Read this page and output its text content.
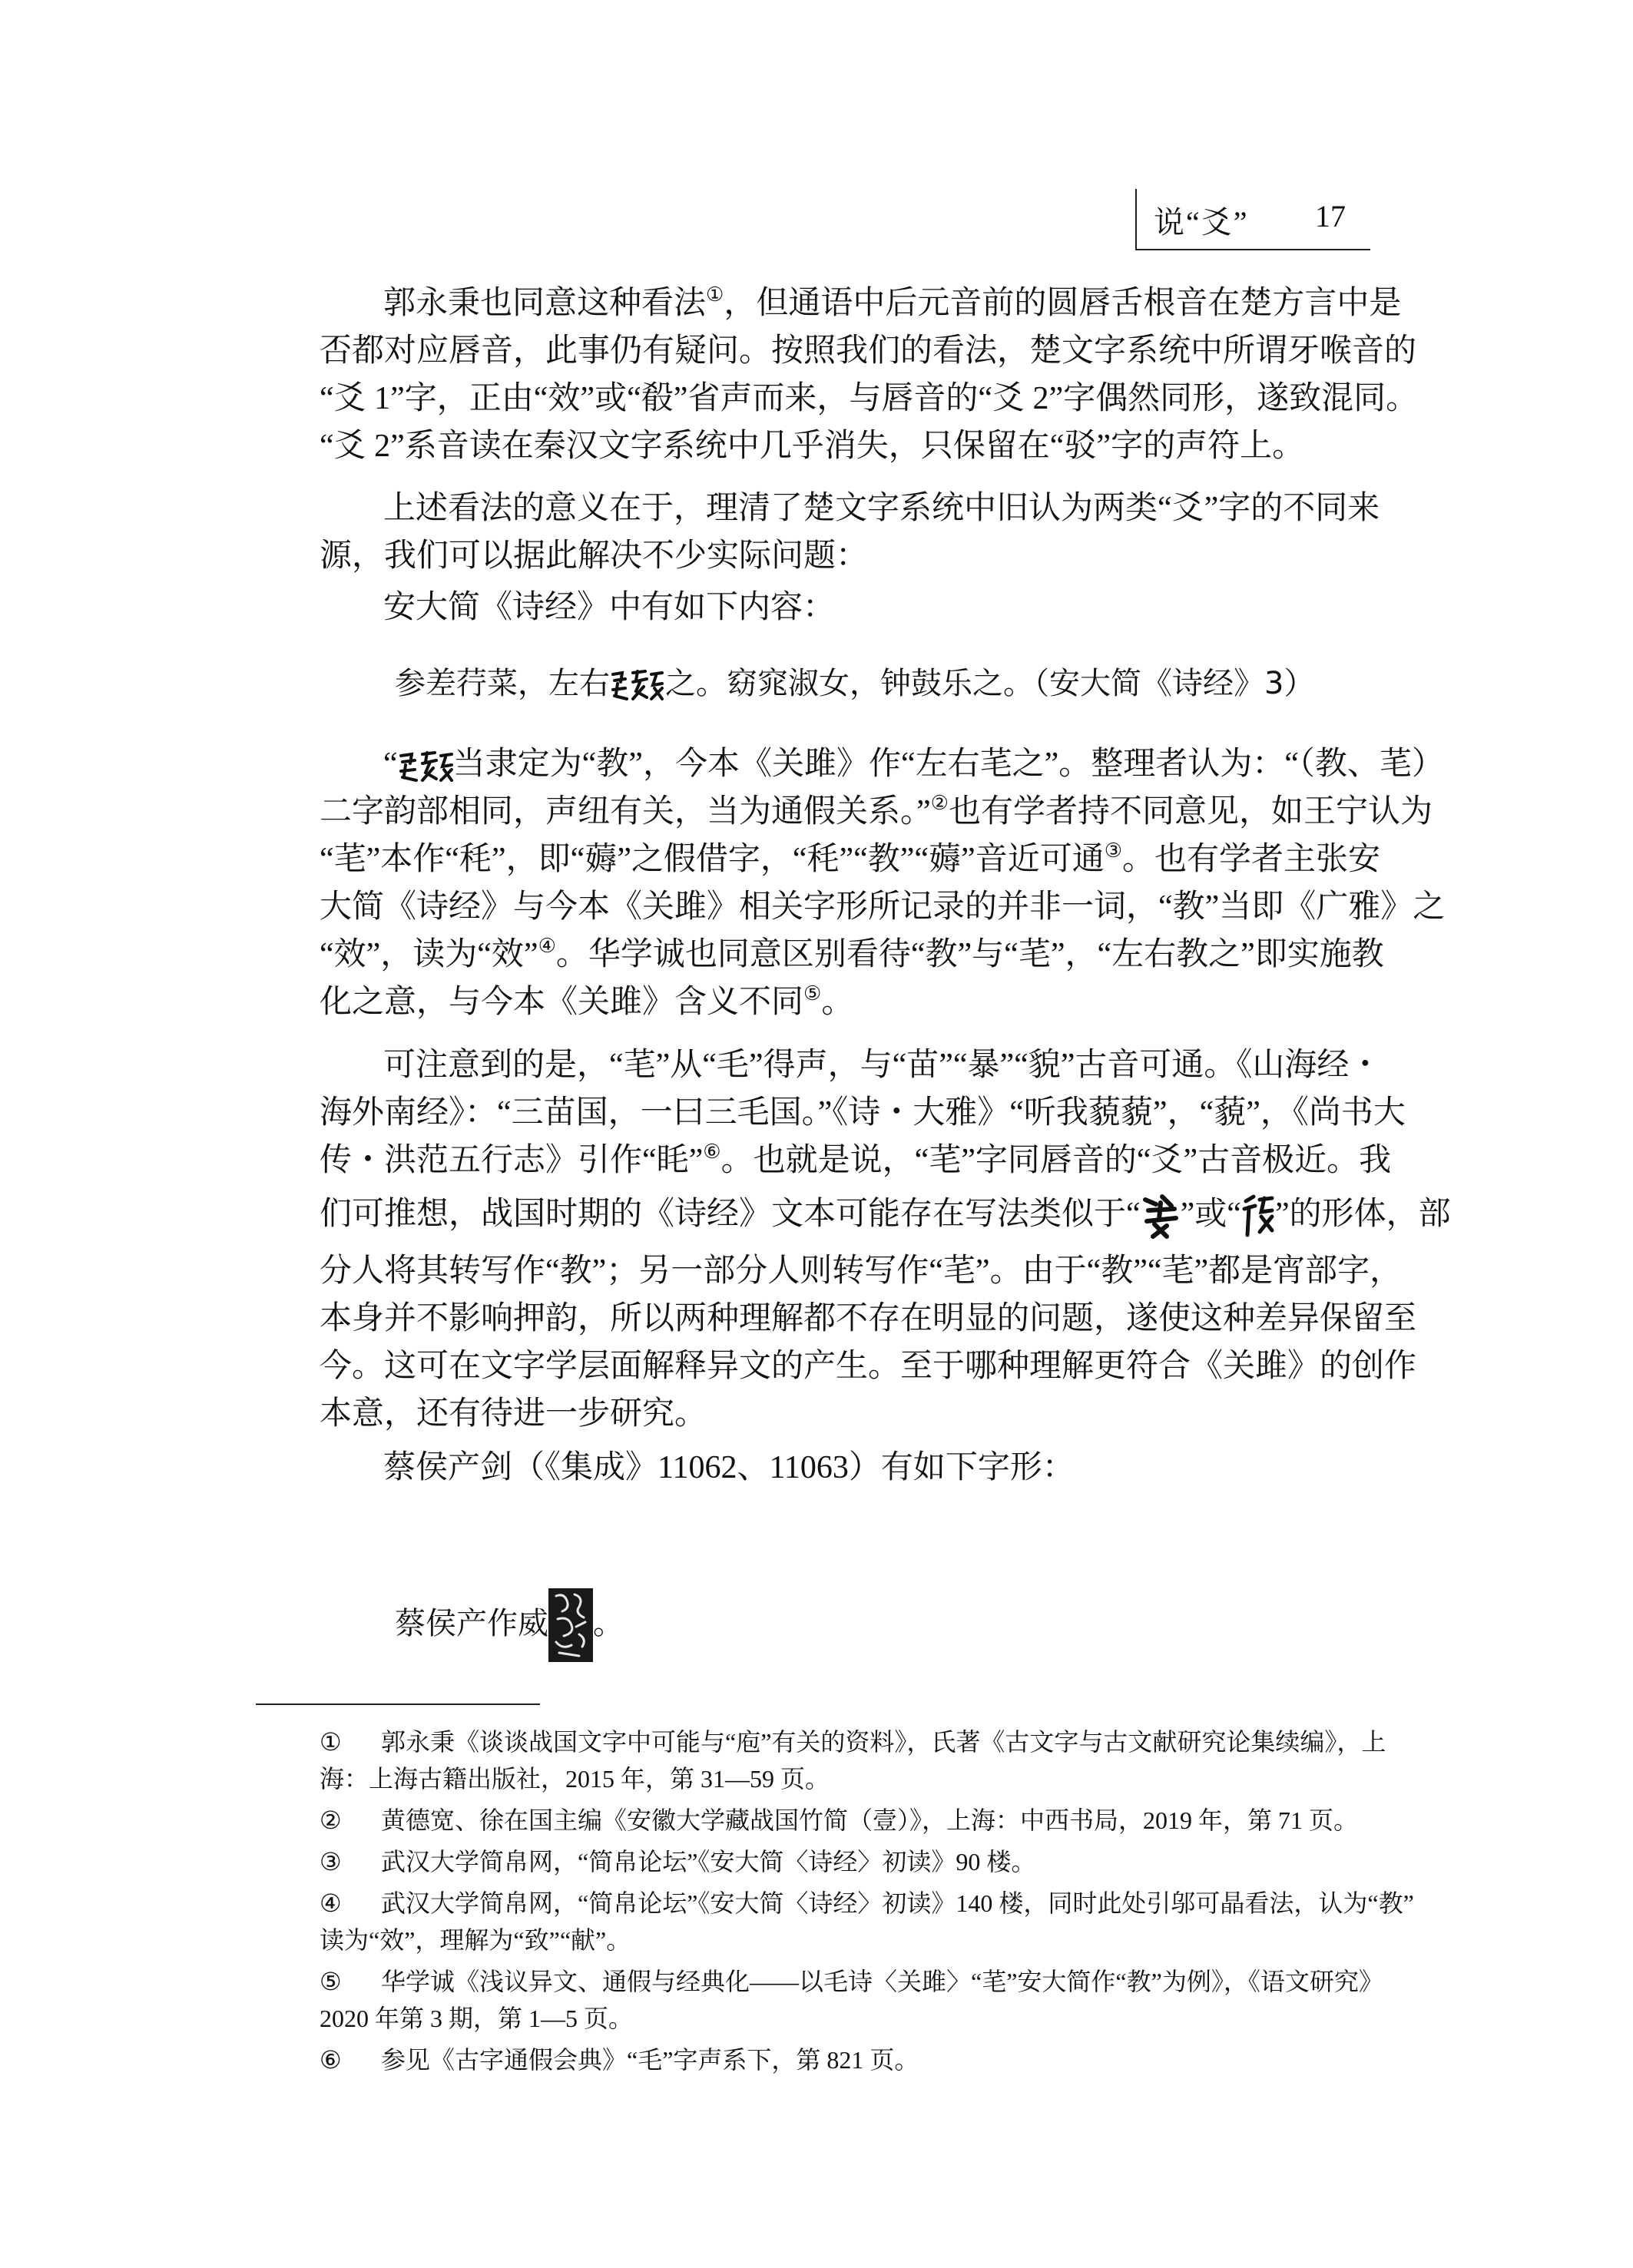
说“爻” 17
郭永秉也同意这种看法①，但通语中后元音前的圆唇舌根音在楚方言中是
否都对应唇音，此事仍有疑问。按照我们的看法，楚文字系统中所谓牙喉音的
“爻 1”字，正由“效”或“殽”省声而来，与唇音的“爻 2”字偶然同形，遂致混同。
“爻 2”系音读在秦汉文字系统中几乎消失，只保留在“驳”字的声符上。
上述看法的意义在于，理清了楚文字系统中旧认为两类“爻”字的不同来
源，我们可以据此解决不少实际问题：
安大简《诗经》中有如下内容：
参差荇菜，左右 之。窈窕淑女，钟鼓乐之。（安大简《诗经》3）
“ 当隶定为“教”，今本《关雎》作“左右芼之”。整理者认为：“（教、芼）
二字韵部相同，声纽有关，当为通假关系。”②也有学者持不同意见，如王宁认为
“芼”本作“秏”，即“薅”之假借字，“秏”“教”“薅”音近可通③。也有学者主张安
大简《诗经》与今本《关雎》相关字形所记录的并非一词，“教”当即《广雅》之
“效”，读为“效”④。华学诚也同意区别看待“教”与“芼”，“左右教之”即实施教
化之意，与今本《关雎》含义不同⑤。
可注意到的是，“芼”从“毛”得声，与“苗”“暴”“貌”古音可通。《山海经・
海外南经》：“三苗国，一曰三毛国。”《诗・大雅》“听我藐藐”，“藐”，《尚书大
传・洪范五行志》引作“眊”⑥。也就是说，“芼”字同唇音的“爻”古音极近。我
们可推想，战国时期的《诗经》文本可能存在写法类似于“ ”或“ ”的形体，部
分人将其转写作“教”；另一部分人则转写作“芼”。由于“教”“芼”都是宵部字，
本身并不影响押韵，所以两种理解都不存在明显的问题，遂使这种差异保留至
今。这可在文字学层面解释异文的产生。至于哪种理解更符合《关雎》的创作
本意，还有待进一步研究。
蔡侯产剑（《集成》11062、11063）有如下字形：
蔡侯产作威 。
① 郭永秉《谈谈战国文字中可能与“庖”有关的资料》，氏著《古文字与古文献研究论集续编》，上
海：上海古籍出版社，2015 年，第 31—59 页。
② 黄德宽、徐在国主编《安徽大学藏战国竹简（壹）》，上海：中西书局，2019 年，第 71 页。
③ 武汉大学简帛网，“简帛论坛”《安大简〈诗经〉初读》90 楼。
④ 武汉大学简帛网，“简帛论坛”《安大简〈诗经〉初读》140 楼，同时此处引邬可晶看法，认为“教”
读为“效”，理解为“致”“献”。
⑤ 华学诚《浅议异文、通假与经典化——以毛诗〈关雎〉“芼”安大简作“教”为例》，《语文研究》
2020 年第 3 期，第 1—5 页。
⑥ 参见《古字通假会典》“毛”字声系下，第 821 页。
